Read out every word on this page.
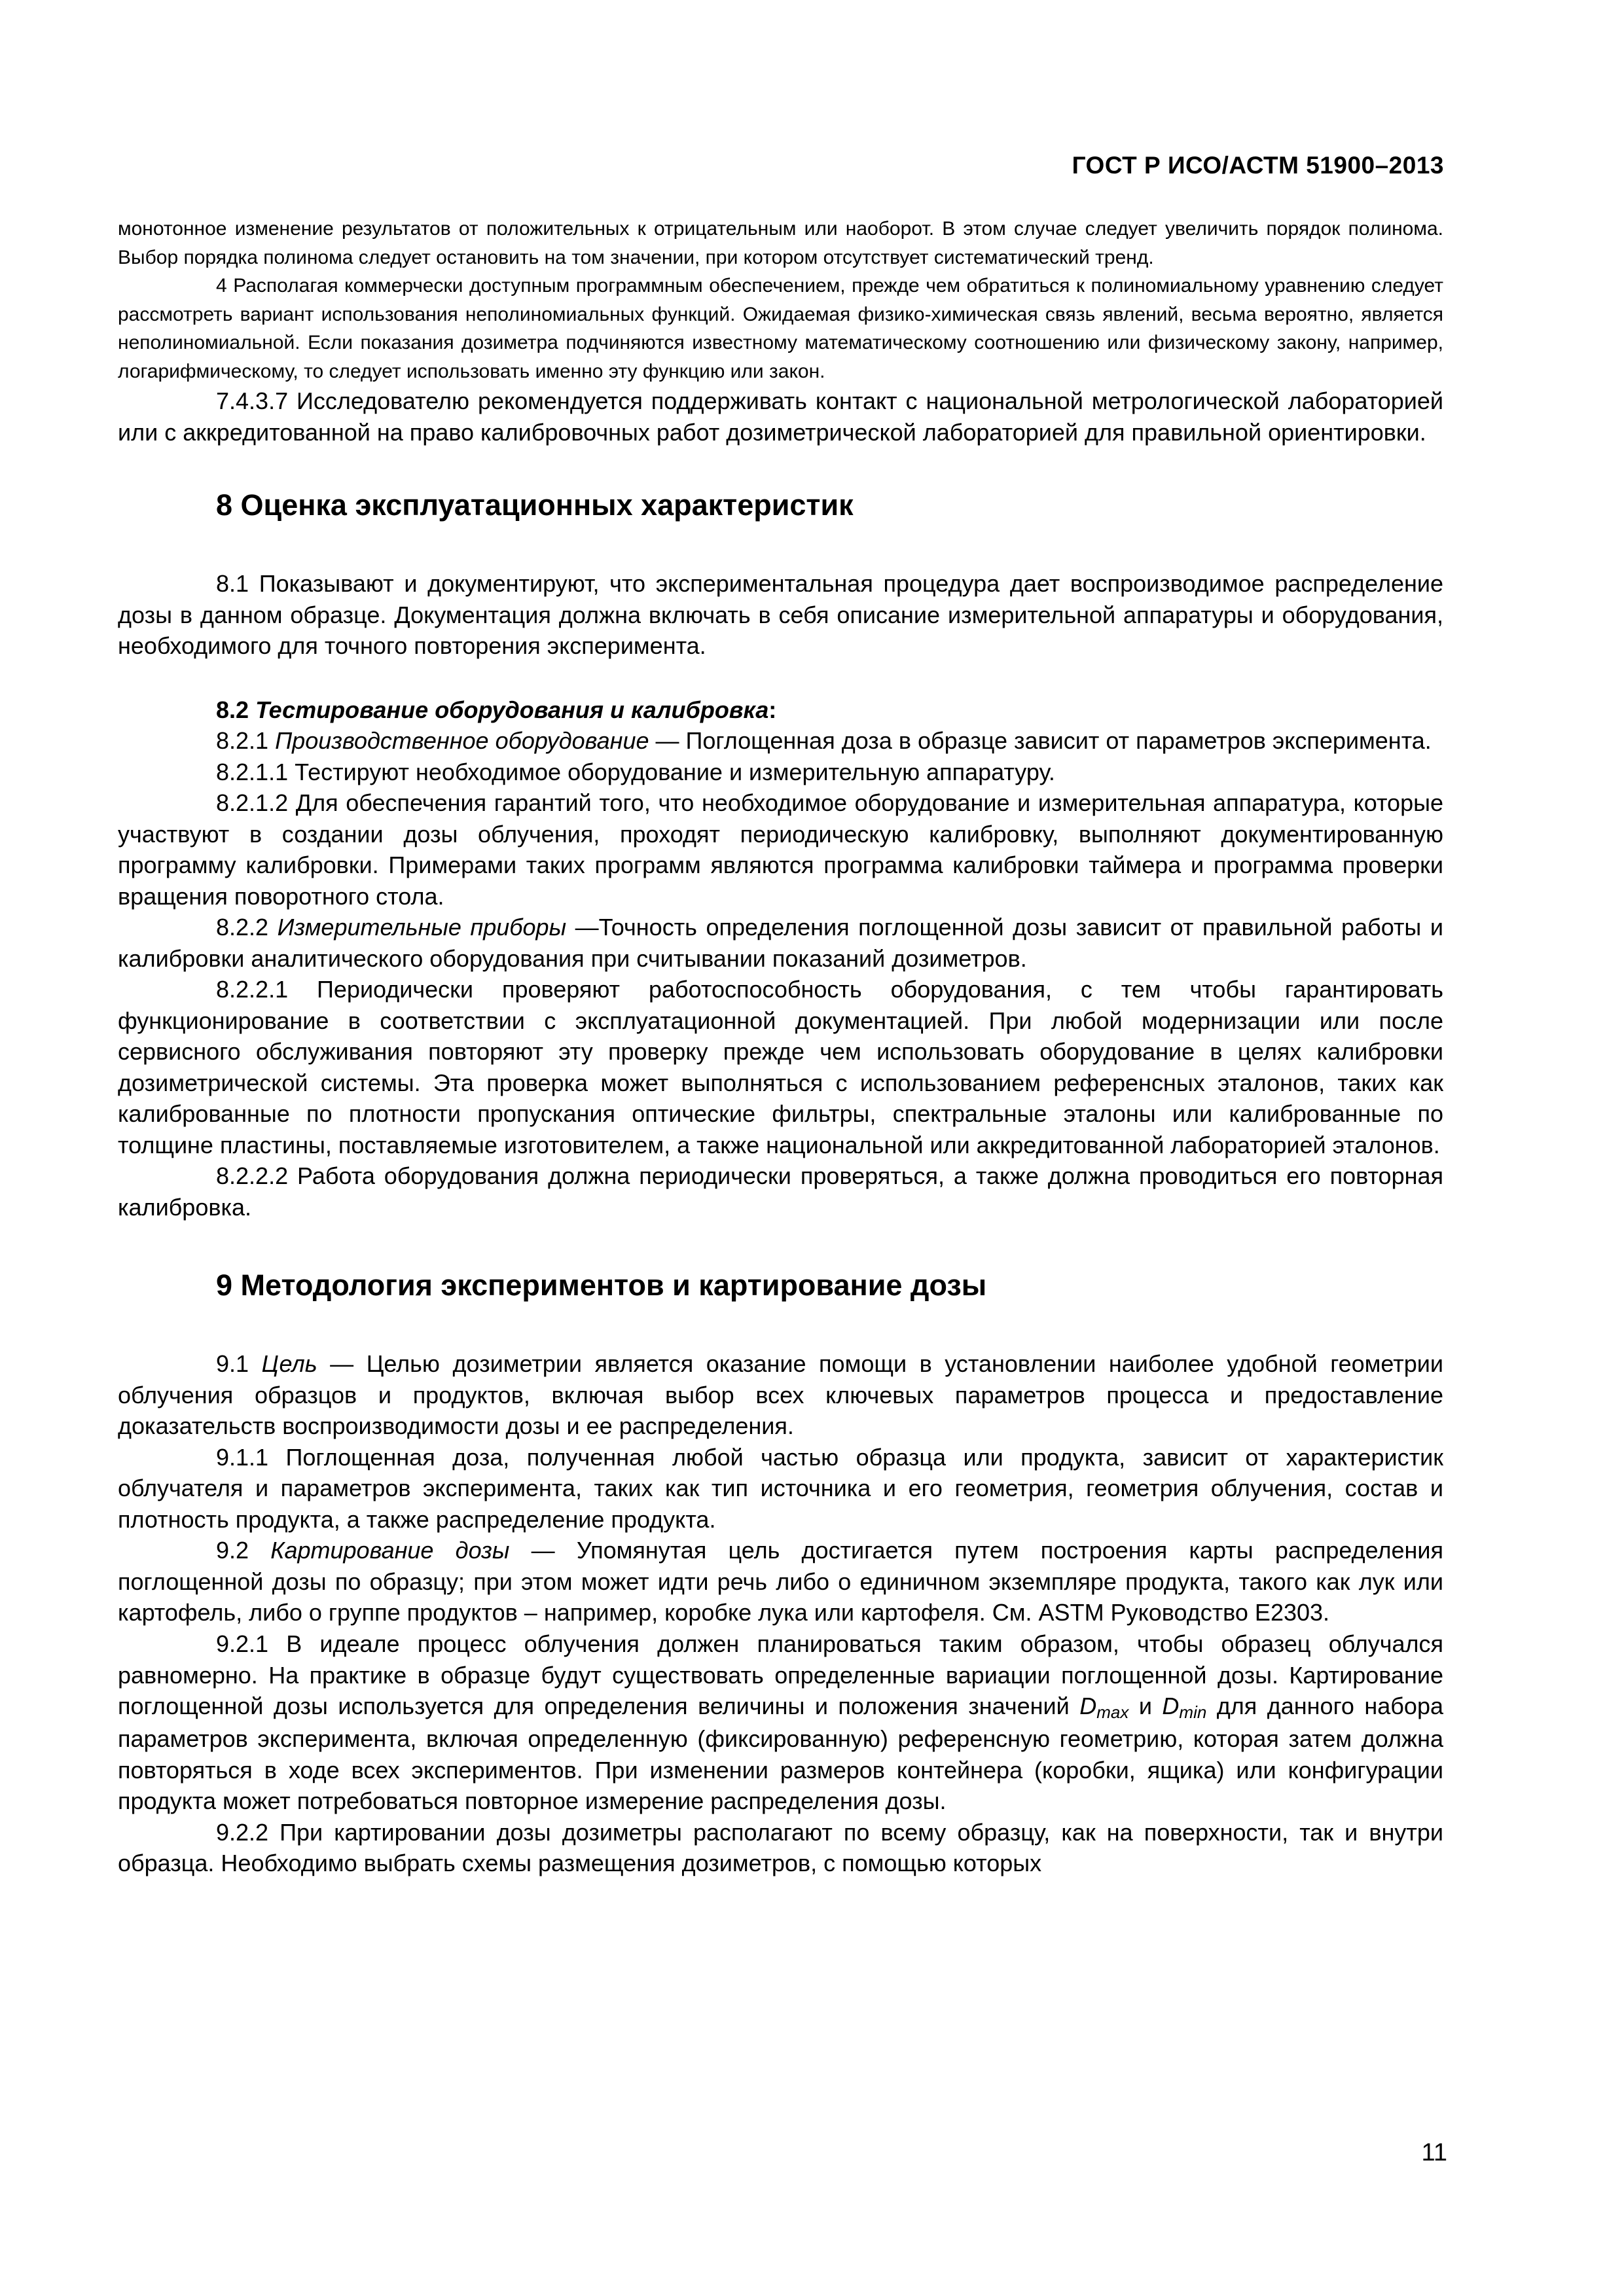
ГОСТ Р ИСО/АСТМ 51900–2013

монотонное изменение результатов от положительных к отрицательным или наоборот. В этом случае следует увеличить порядок полинома. Выбор порядка полинома следует остановить на том значении, при котором отсутствует систематический тренд.

4 Располагая коммерчески доступным программным обеспечением, прежде чем обратиться к полиномиальному уравнению следует рассмотреть вариант использования неполиномиальных функций. Ожидаемая физико-химическая связь явлений, весьма вероятно, является неполиномиальной. Если показания дозиметра подчиняются известному математическому соотношению или физическому закону, например, логарифмическому, то следует использовать именно эту функцию или закон.

7.4.3.7 Исследователю рекомендуется поддерживать контакт с национальной метрологической лабораторией или с аккредитованной на право калибровочных работ дозиметрической лабораторией для правильной ориентировки.

8 Оценка эксплуатационных характеристик

8.1 Показывают и документируют, что экспериментальная процедура дает воспроизводимое распределение дозы в данном образце. Документация должна включать в себя описание измерительной аппаратуры и оборудования, необходимого для точного повторения эксперимента.

8.2 Тестирование оборудования и калибровка:

8.2.1 Производственное оборудование — Поглощенная доза в образце зависит от параметров эксперимента.

8.2.1.1 Тестируют необходимое оборудование и измерительную аппаратуру.

8.2.1.2 Для обеспечения гарантий того, что необходимое оборудование и измерительная аппаратура, которые участвуют в создании дозы облучения, проходят периодическую калибровку, выполняют документированную программу калибровки. Примерами таких программ являются программа калибровки таймера и программа проверки вращения поворотного стола.

8.2.2 Измерительные приборы —Точность определения поглощенной дозы зависит от правильной работы и калибровки аналитического оборудования при считывании показаний дозиметров.

8.2.2.1 Периодически проверяют работоспособность оборудования, с тем чтобы гарантировать функционирование в соответствии с эксплуатационной документацией. При любой модернизации или после сервисного обслуживания повторяют эту проверку прежде чем использовать оборудование в целях калибровки дозиметрической системы. Эта проверка может выполняться с использованием референсных эталонов, таких как калиброванные по плотности пропускания оптические фильтры, спектральные эталоны или калиброванные по толщине пластины, поставляемые изготовителем, а также национальной или аккредитованной лабораторией эталонов.

8.2.2.2 Работа оборудования должна периодически проверяться, а также должна проводиться его повторная калибровка.

9 Методология экспериментов и картирование дозы

9.1 Цель — Целью дозиметрии является оказание помощи в установлении наиболее удобной геометрии облучения образцов и продуктов, включая выбор всех ключевых параметров процесса и предоставление доказательств воспроизводимости дозы и ее распределения.

9.1.1 Поглощенная доза, полученная любой частью образца или продукта, зависит от характеристик облучателя и параметров эксперимента, таких как тип источника и его геометрия, геометрия облучения, состав и плотность продукта, а также распределение продукта.

9.2 Картирование дозы — Упомянутая цель достигается путем построения карты распределения поглощенной дозы по образцу; при этом может идти речь либо о единичном экземпляре продукта, такого как лук или картофель, либо о группе продуктов – например, коробке лука или картофеля. См. ASTM Руководство E2303.

9.2.1 В идеале процесс облучения должен планироваться таким образом, чтобы образец облучался равномерно. На практике в образце будут существовать определенные вариации поглощенной дозы. Картирование поглощенной дозы используется для определения величины и положения значений $D_{max}$ и $D_{min}$ для данного набора параметров эксперимента, включая определенную (фиксированную) референсную геометрию, которая затем должна повторяться в ходе всех экспериментов. При изменении размеров контейнера (коробки, ящика) или конфигурации продукта может потребоваться повторное измерение распределения дозы.

9.2.2 При картировании дозы дозиметры располагают по всему образцу, как на поверхности, так и внутри образца. Необходимо выбрать схемы размещения дозиметров, с помощью которых

11
